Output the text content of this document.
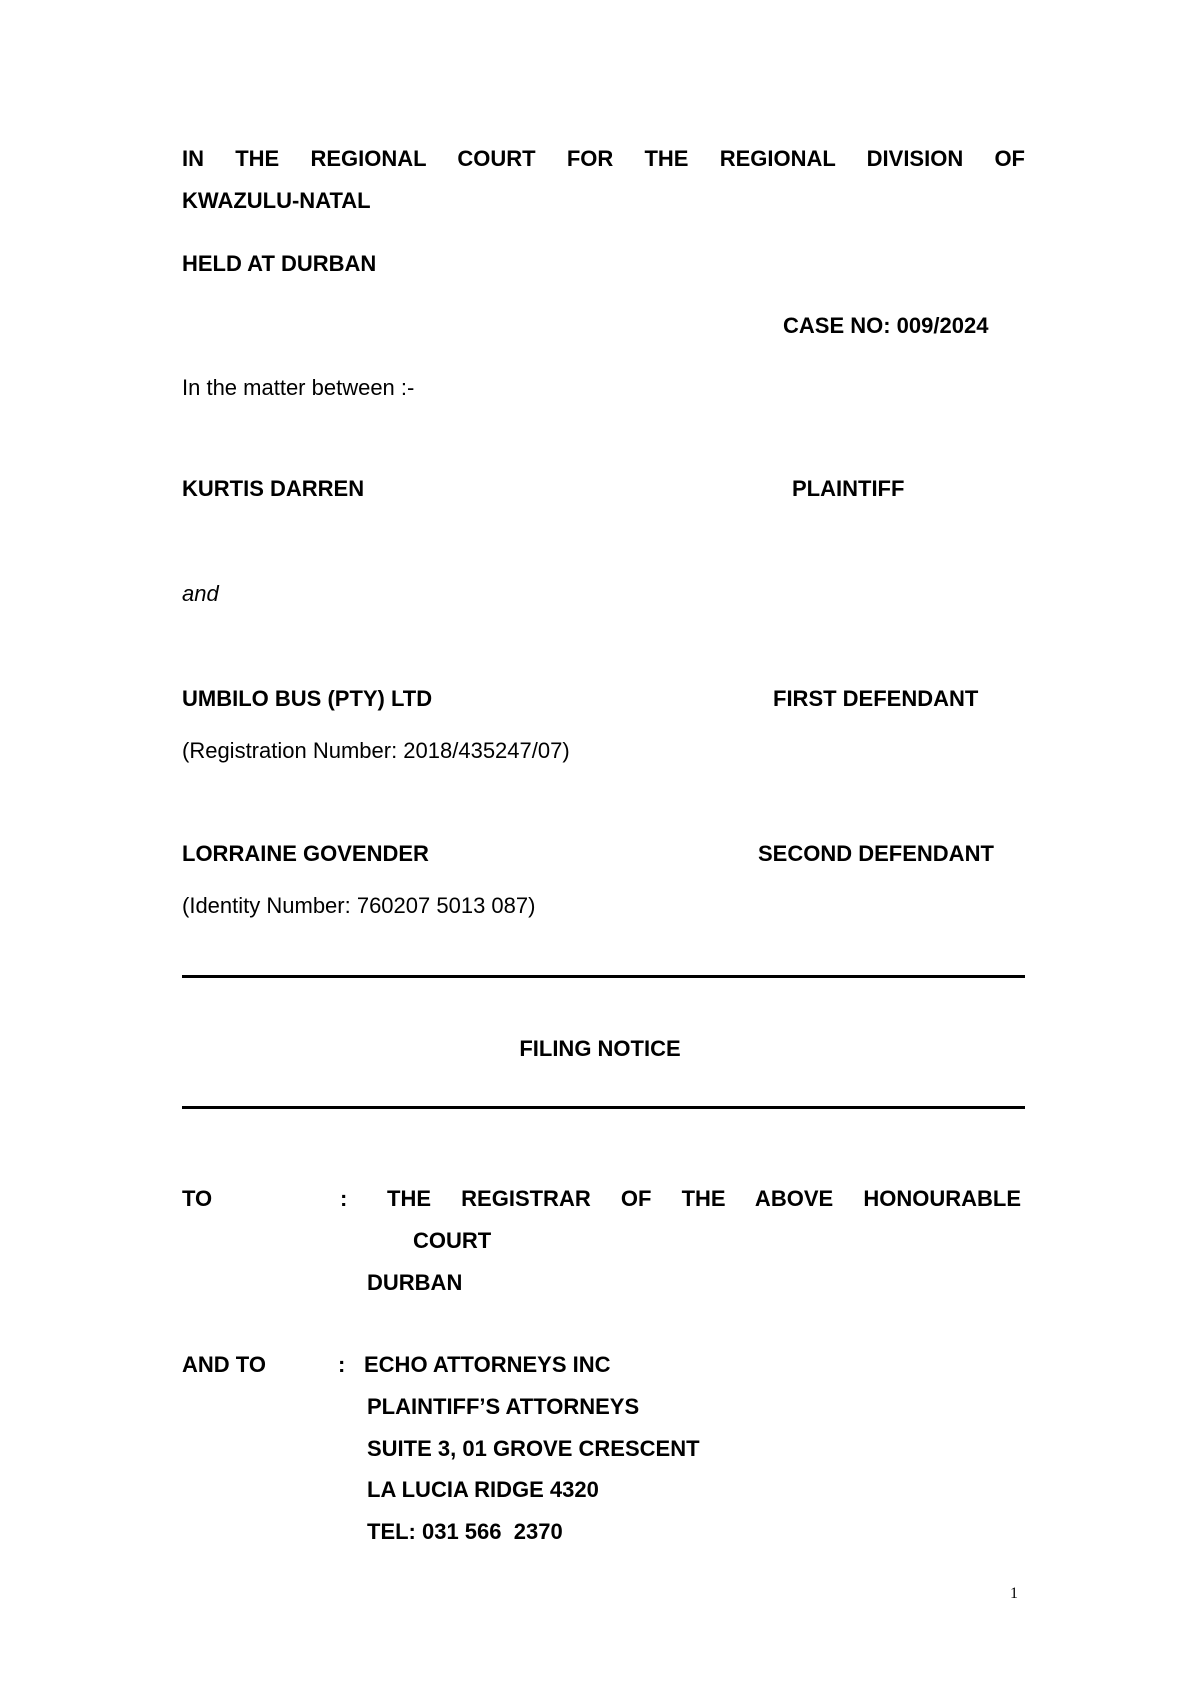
IN THE REGIONAL COURT FOR THE REGIONAL DIVISION OF
KWAZULU-NATAL
HELD AT DURBAN
CASE NO: 009/2024
In the matter between :-
KURTIS DARREN	PLAINTIFF
and
UMBILO BUS (PTY) LTD	FIRST DEFENDANT
(Registration Number: 2018/435247/07)
LORRAINE GOVENDER	SECOND DEFENDANT
(Identity Number: 760207 5013 087)
FILING NOTICE
TO	: THE REGISTRAR OF THE ABOVE HONOURABLE
COURT
DURBAN
AND TO	: ECHO ATTORNEYS INC
PLAINTIFF’S ATTORNEYS
SUITE 3, 01 GROVE CRESCENT
LA LUCIA RIDGE 4320
TEL: 031 566  2370
1
